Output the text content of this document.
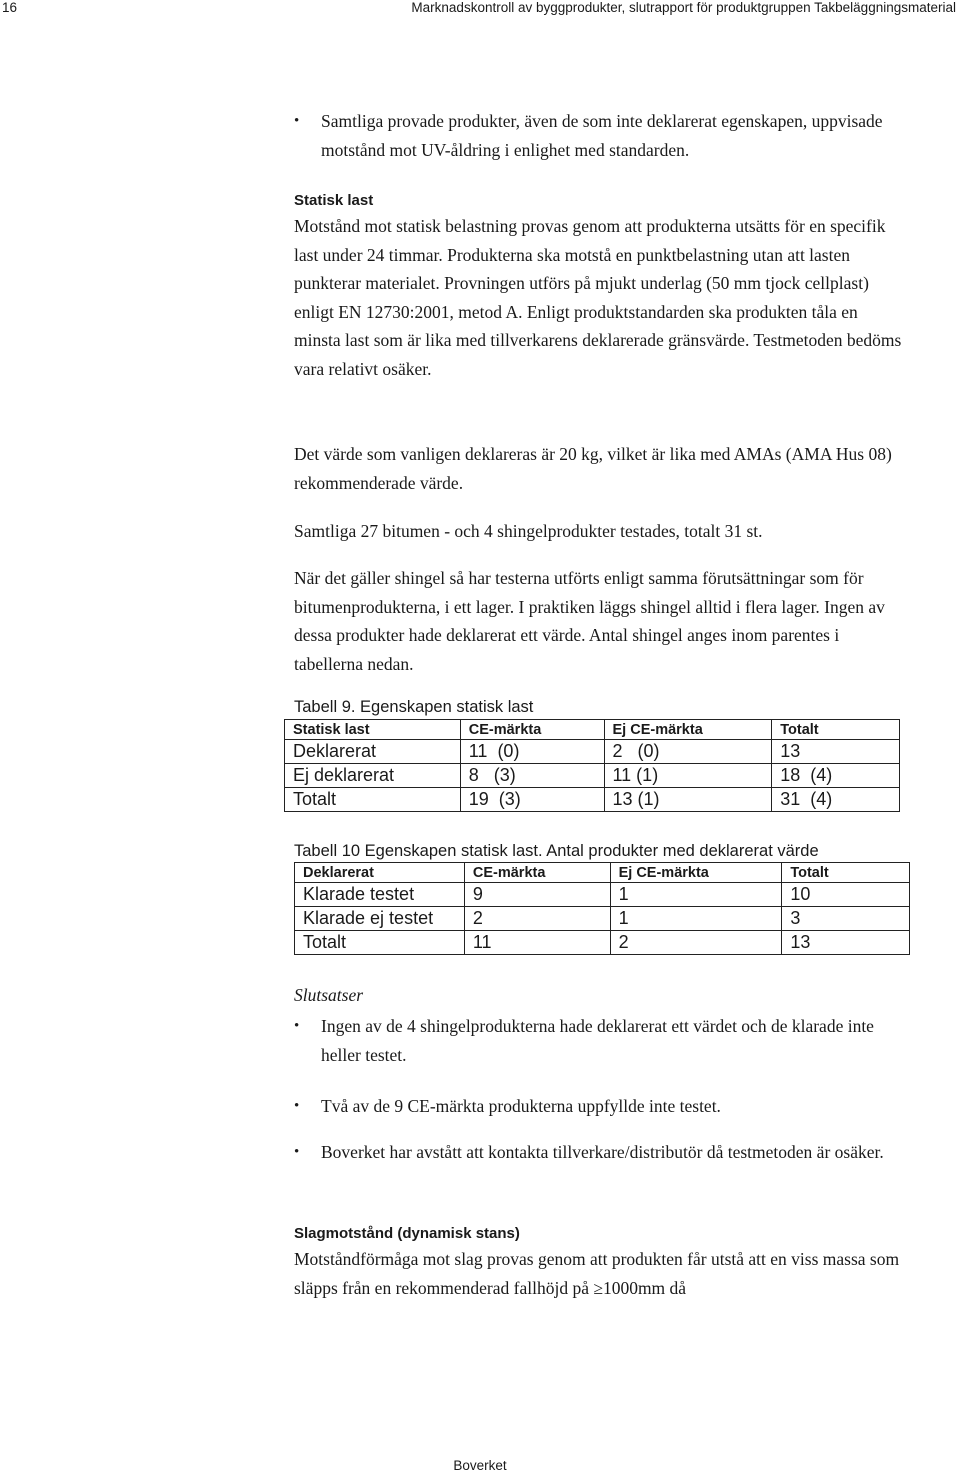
16	Marknadskontroll av byggprodukter, slutrapport för produktgruppen Takbeläggningsmaterial
• Samtliga provade produkter, även de som inte deklarerat egenskapen, uppvisade motstånd mot UV-åldring i enlighet med standarden.
Statisk last
Motstånd mot statisk belastning provas genom att produkterna utsätts för en specifik last under 24 timmar. Produkterna ska motstå en punktbelastning utan att lasten punkterar materialet. Provningen utförs på mjukt underlag (50 mm tjock cellplast) enligt EN 12730:2001, metod A. Enligt produktstandarden ska produkten tåla en minsta last som är lika med tillverkarens deklarerade gränsvärde. Testmetoden bedöms vara relativt osäker.
Det värde som vanligen deklareras är 20 kg, vilket är lika med AMAs (AMA Hus 08) rekommenderade värde.
Samtliga 27 bitumen - och 4 shingelprodukter testades, totalt 31 st.
När det gäller shingel så har testerna utförts enligt samma förutsättningar som för bitumenprodukterna, i ett lager. I praktiken läggs shingel alltid i flera lager. Ingen av dessa produkter hade deklarerat ett värde. Antal shingel anges inom parentes i tabellerna nedan.
Tabell 9. Egenskapen statisk last
Statisk last	CE-märkta	Ej CE-märkta	Totalt
Deklarerat	11  (0)	2   (0)	13
Ej deklarerat	8   (3)	11 (1)	18  (4)
Totalt	19  (3)	13 (1)	31  (4)
Tabell 10 Egenskapen statisk last. Antal produkter med deklarerat värde
Deklarerat	CE-märkta	Ej CE-märkta	Totalt
Klarade testet	9	1	10
Klarade ej testet	2	1	3
Totalt	11	2	13
Slutsatser
• Ingen av de 4 shingelprodukterna hade deklarerat ett värdet och de klarade inte heller testet.
• Två av de 9 CE-märkta produkterna uppfyllde inte testet.
• Boverket har avstått att kontakta tillverkare/distributör då testmetoden är osäker.
Slagmotstånd (dynamisk stans)
Motståndförmåga mot slag provas genom att produkten får utstå att en viss massa som släpps från en rekommenderad fallhöjd på ≥1000mm då
Boverket
